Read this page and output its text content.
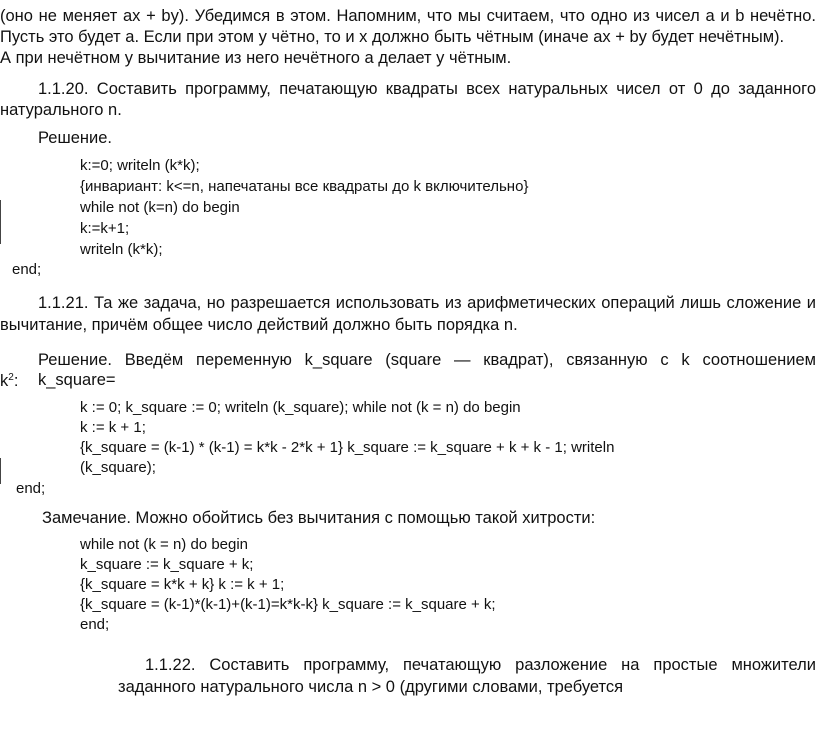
(оно не меняет ax + by). Убедимся в этом. Напомним, что мы считаем, что одно из чисел a и b нечётно.
Пусть это будет a. Если при этом y чётно, то и x должно быть чётным (иначе ax + by будет нечётным).
А при нечётном y вычитание из него нечётного a делает y чётным.
1.1.20. Составить программу, печатающую квадраты всех натуральных чисел от 0 до заданного
натурального n.
Решение.
k:=0; writeln (k*k);
{инвариант: k<=n, напечатаны все квадраты до k включительно}
while not (k=n) do begin
k:=k+1;
writeln (k*k);
end;
1.1.21. Та же задача, но разрешается использовать из арифметических операций лишь сложение и
вычитание, причём общее число действий должно быть порядка n.
Решение. Введём переменную k_square (square — квадрат), связанную с k соотношением k_square=
$k^2$:
k := 0; k_square := 0; writeln (k_square); while not (k = n) do begin
k := k + 1;
{k_square = (k-1) * (k-1) = k*k - 2*k + 1} k_square := k_square + k + k - 1; writeln
(k_square);
end;
Замечание. Можно обойтись без вычитания с помощью такой хитрости:
while not (k = n) do begin
k_square := k_square + k;
{k_square = k*k + k} k := k + 1;
{k_square = (k-1)*(k-1)+(k-1)=k*k-k} k_square := k_square + k;
end;
1.1.22. Составить программу, печатающую разложение на простые множители
заданного натурального числа n > 0 (другими словами, требуется
